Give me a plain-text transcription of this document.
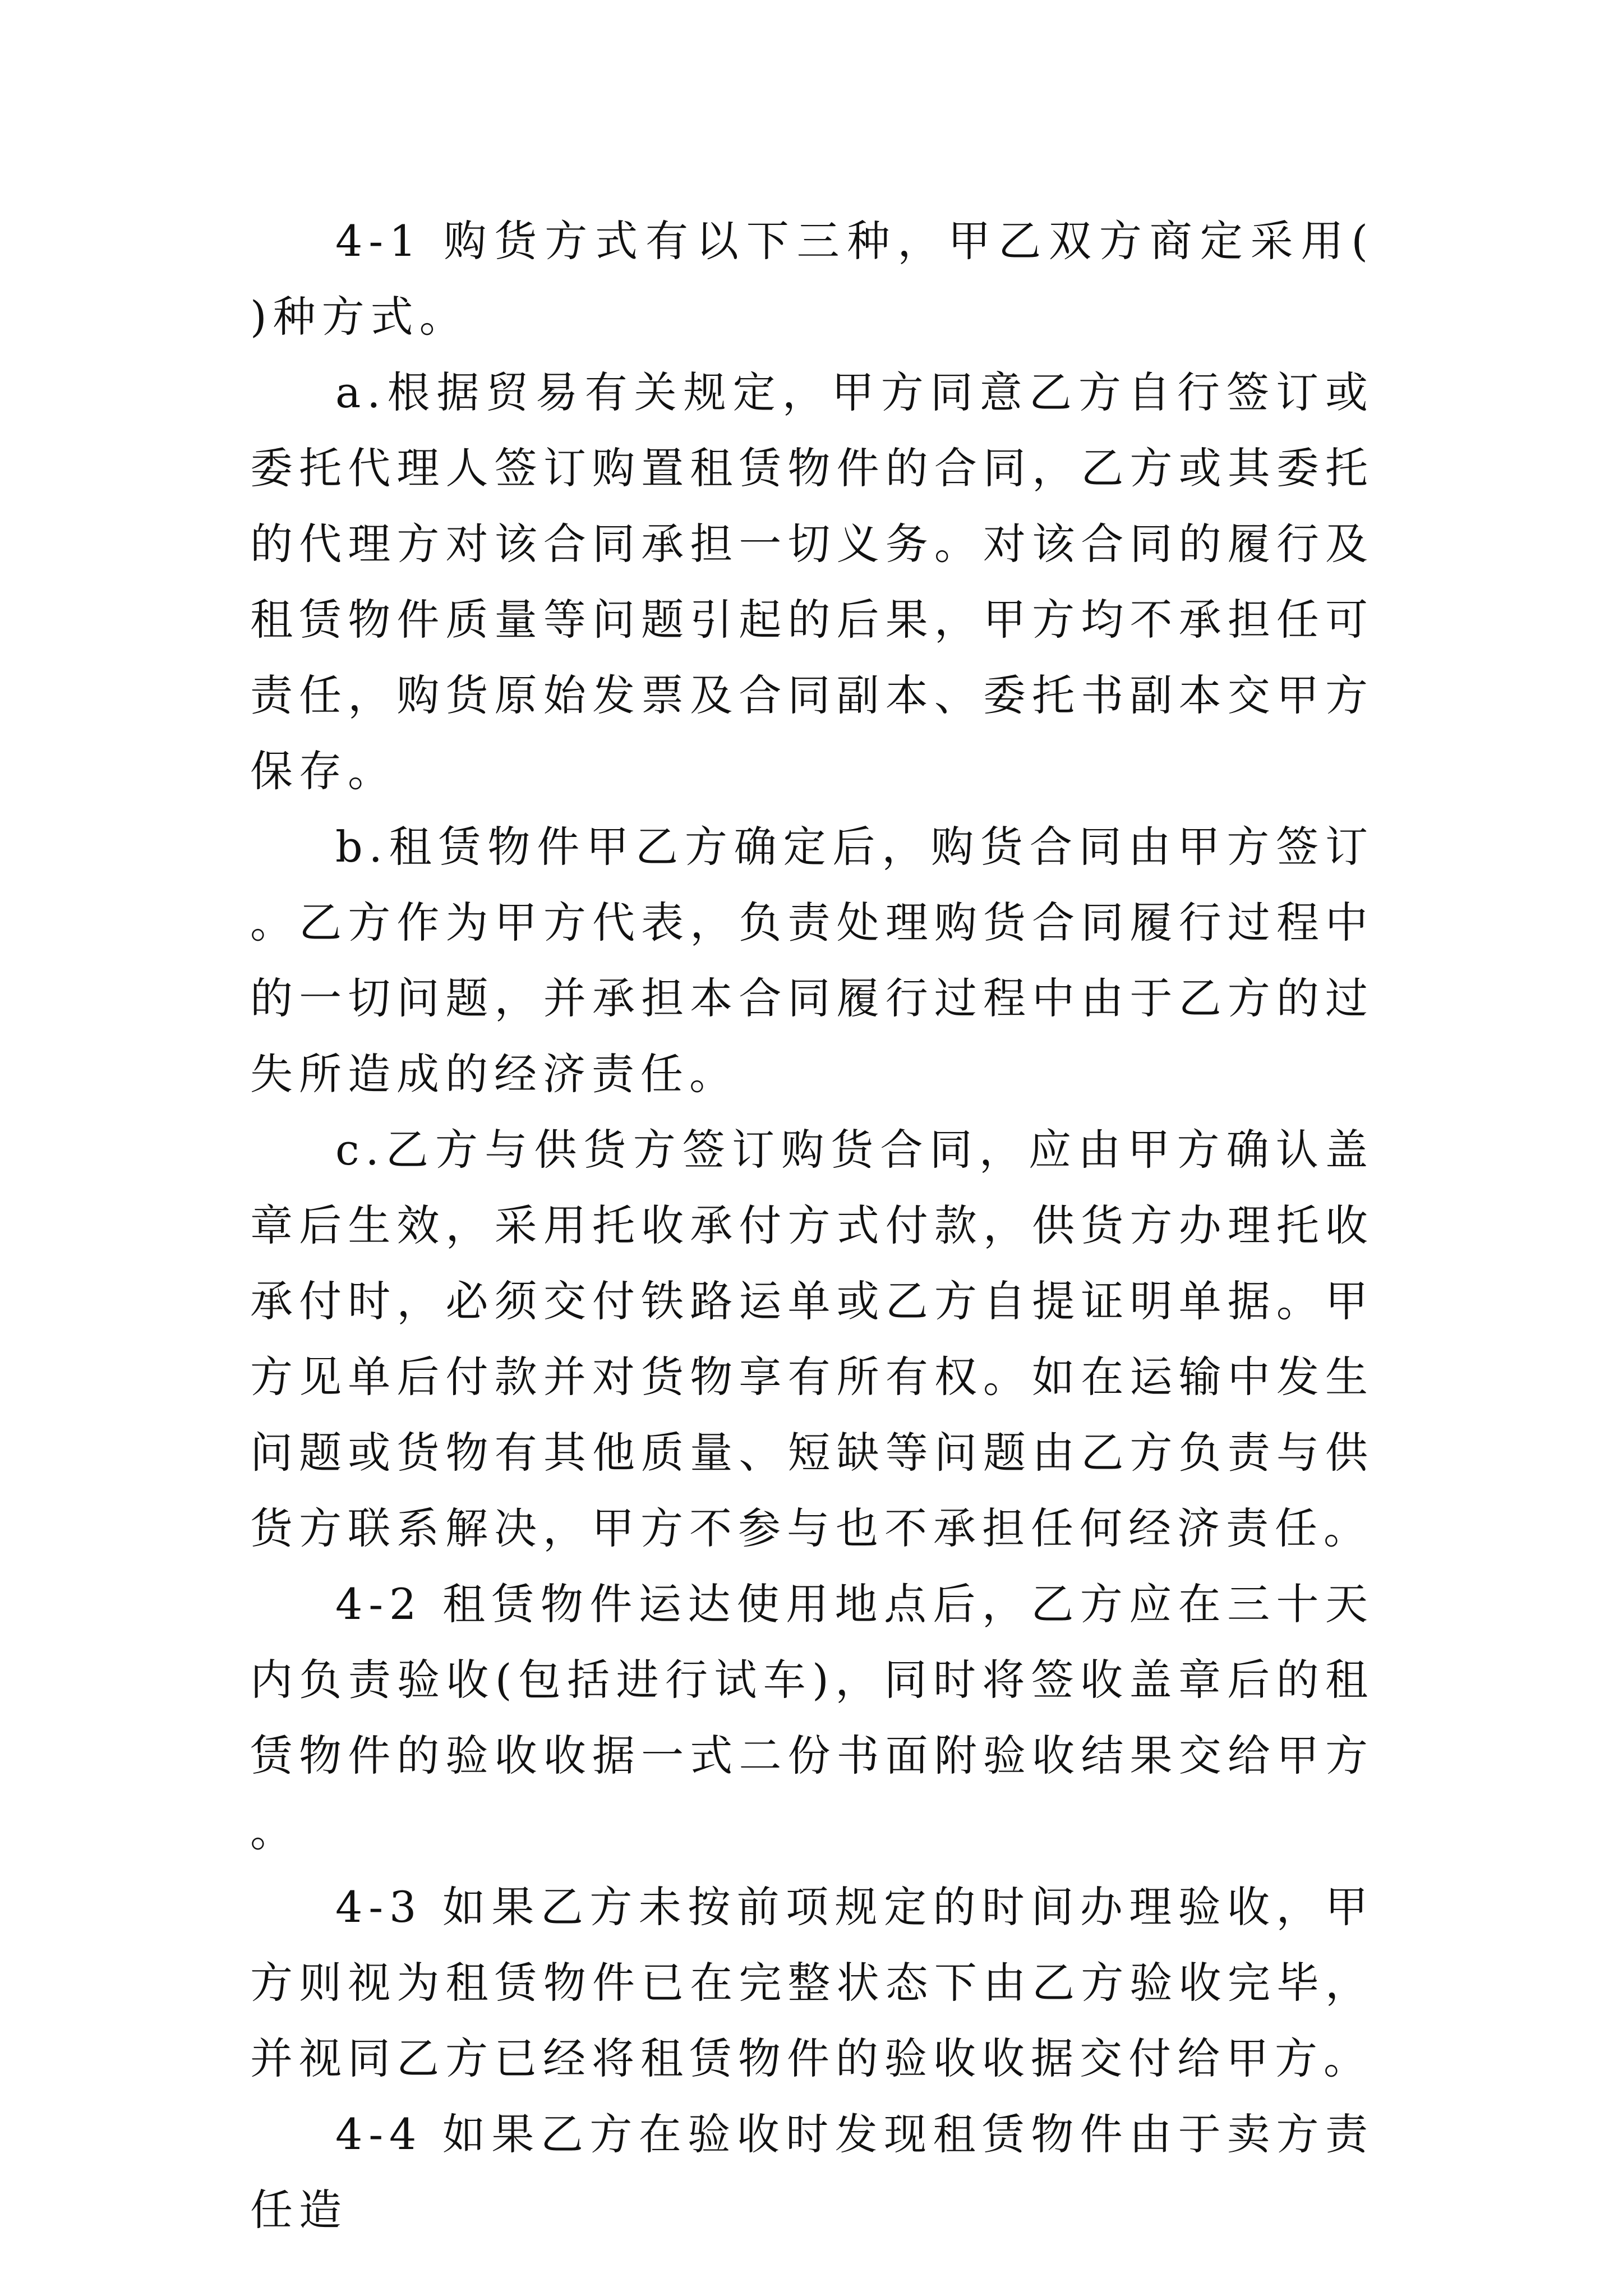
4-1 购货方式有以下三种，甲乙双方商定采用( )种方式。

a.根据贸易有关规定，甲方同意乙方自行签订或委托代理人签订购置租赁物件的合同，乙方或其委托的代理方对该合同承担一切义务。对该合同的履行及租赁物件质量等问题引起的后果，甲方均不承担任可责任，购货原始发票及合同副本、委托书副本交甲方保存。

b.租赁物件甲乙方确定后，购货合同由甲方签订。乙方作为甲方代表，负责处理购货合同履行过程中的一切问题，并承担本合同履行过程中由于乙方的过失所造成的经济责任。

c.乙方与供货方签订购货合同，应由甲方确认盖章后生效，采用托收承付方式付款，供货方办理托收承付时，必须交付铁路运单或乙方自提证明单据。甲方见单后付款并对货物享有所有权。如在运输中发生问题或货物有其他质量、短缺等问题由乙方负责与供货方联系解决，甲方不参与也不承担任何经济责任。

4-2 租赁物件运达使用地点后，乙方应在三十天内负责验收(包括进行试车)，同时将签收盖章后的租赁物件的验收收据一式二份书面附验收结果交给甲方。

4-3 如果乙方未按前项规定的时间办理验收，甲方则视为租赁物件已在完整状态下由乙方验收完毕，并视同乙方已经将租赁物件的验收收据交付给甲方。

4-4 如果乙方在验收时发现租赁物件由于卖方责任造
